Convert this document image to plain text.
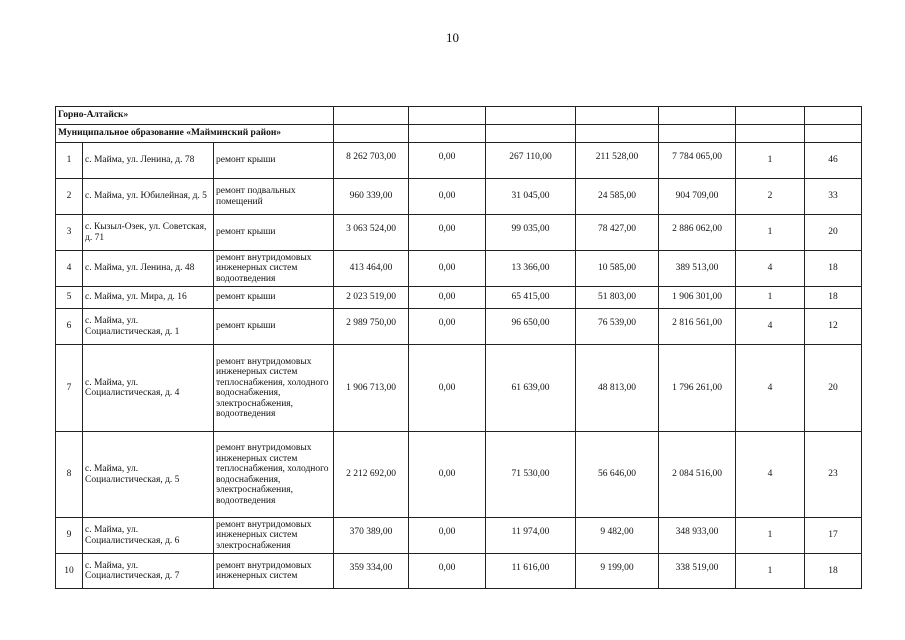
10
Горно-Алтайск»									
Муниципальное образование «Майминский район»									
1	с. Майма, ул. Ленина, д. 78	ремонт крыши	8 262 703,00	0,00	267 110,00	211 528,00	7 784 065,00	1	46
2	с. Майма, ул. Юбилейная, д. 5	ремонт подвальных помещений	960 339,00	0,00	31 045,00	24 585,00	904 709,00	2	33
3	с. Кызыл-Озек, ул. Советская, д. 71	ремонт крыши	3 063 524,00	0,00	99 035,00	78 427,00	2 886 062,00	1	20
4	с. Майма, ул. Ленина, д. 48	ремонт внутридомовых инженерных систем водоотведения	413 464,00	0,00	13 366,00	10 585,00	389 513,00	4	18
5	с. Майма, ул. Мира, д. 16	ремонт крыши	2 023 519,00	0,00	65 415,00	51 803,00	1 906 301,00	1	18
6	с. Майма, ул. Социалистическая, д. 1	ремонт крыши	2 989 750,00	0,00	96 650,00	76 539,00	2 816 561,00	4	12
7	с. Майма, ул. Социалистическая, д. 4	ремонт внутридомовых инженерных систем теплоснабжения, холодного водоснабжения, электроснабжения, водоотведения	1 906 713,00	0,00	61 639,00	48 813,00	1 796 261,00	4	20
8	с. Майма, ул. Социалистическая, д. 5	ремонт внутридомовых инженерных систем теплоснабжения, холодного водоснабжения, электроснабжения, водоотведения	2 212 692,00	0,00	71 530,00	56 646,00	2 084 516,00	4	23
9	с. Майма, ул. Социалистическая, д. 6	ремонт внутридомовых инженерных систем электроснабжения	370 389,00	0,00	11 974,00	9 482,00	348 933,00	1	17
10	с. Майма, ул. Социалистическая, д. 7	ремонт внутридомовых инженерных систем	359 334,00	0,00	11 616,00	9 199,00	338 519,00	1	18
